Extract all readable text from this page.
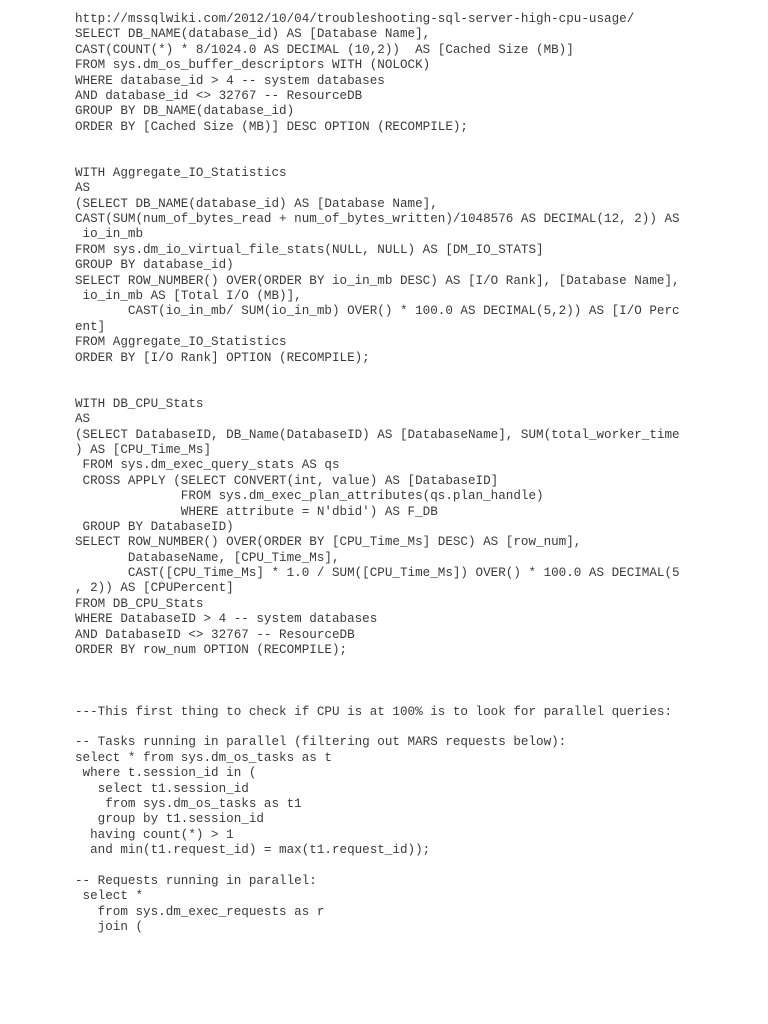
http://mssqlwiki.com/2012/10/04/troubleshooting-sql-server-high-cpu-usage/
SELECT DB_NAME(database_id) AS [Database Name],
CAST(COUNT(*) * 8/1024.0 AS DECIMAL (10,2))  AS [Cached Size (MB)]
FROM sys.dm_os_buffer_descriptors WITH (NOLOCK)
WHERE database_id > 4 -- system databases
AND database_id <> 32767 -- ResourceDB
GROUP BY DB_NAME(database_id)
ORDER BY [Cached Size (MB)] DESC OPTION (RECOMPILE);
WITH Aggregate_IO_Statistics
AS
(SELECT DB_NAME(database_id) AS [Database Name],
CAST(SUM(num_of_bytes_read + num_of_bytes_written)/1048576 AS DECIMAL(12, 2)) AS
io_in_mb
FROM sys.dm_io_virtual_file_stats(NULL, NULL) AS [DM_IO_STATS]
GROUP BY database_id)
SELECT ROW_NUMBER() OVER(ORDER BY io_in_mb DESC) AS [I/O Rank], [Database Name],
io_in_mb AS [Total I/O (MB)],
CAST(io_in_mb/ SUM(io_in_mb) OVER() * 100.0 AS DECIMAL(5,2)) AS [I/O Perc
ent]
FROM Aggregate_IO_Statistics
ORDER BY [I/O Rank] OPTION (RECOMPILE);
WITH DB_CPU_Stats
AS
(SELECT DatabaseID, DB_Name(DatabaseID) AS [DatabaseName], SUM(total_worker_time
) AS [CPU_Time_Ms]
FROM sys.dm_exec_query_stats AS qs
CROSS APPLY (SELECT CONVERT(int, value) AS [DatabaseID]
FROM sys.dm_exec_plan_attributes(qs.plan_handle)
WHERE attribute = N'dbid') AS F_DB
GROUP BY DatabaseID)
SELECT ROW_NUMBER() OVER(ORDER BY [CPU_Time_Ms] DESC) AS [row_num],
DatabaseName, [CPU_Time_Ms],
CAST([CPU_Time_Ms] * 1.0 / SUM([CPU_Time_Ms]) OVER() * 100.0 AS DECIMAL(5
, 2)) AS [CPUPercent]
FROM DB_CPU_Stats
WHERE DatabaseID > 4 -- system databases
AND DatabaseID <> 32767 -- ResourceDB
ORDER BY row_num OPTION (RECOMPILE);
---This first thing to check if CPU is at 100% is to look for parallel queries:
-- Tasks running in parallel (filtering out MARS requests below):
select * from sys.dm_os_tasks as t
where t.session_id in (
select t1.session_id
from sys.dm_os_tasks as t1
group by t1.session_id
having count(*) > 1
and min(t1.request_id) = max(t1.request_id));
-- Requests running in parallel:
select *
from sys.dm_exec_requests as r
join (
